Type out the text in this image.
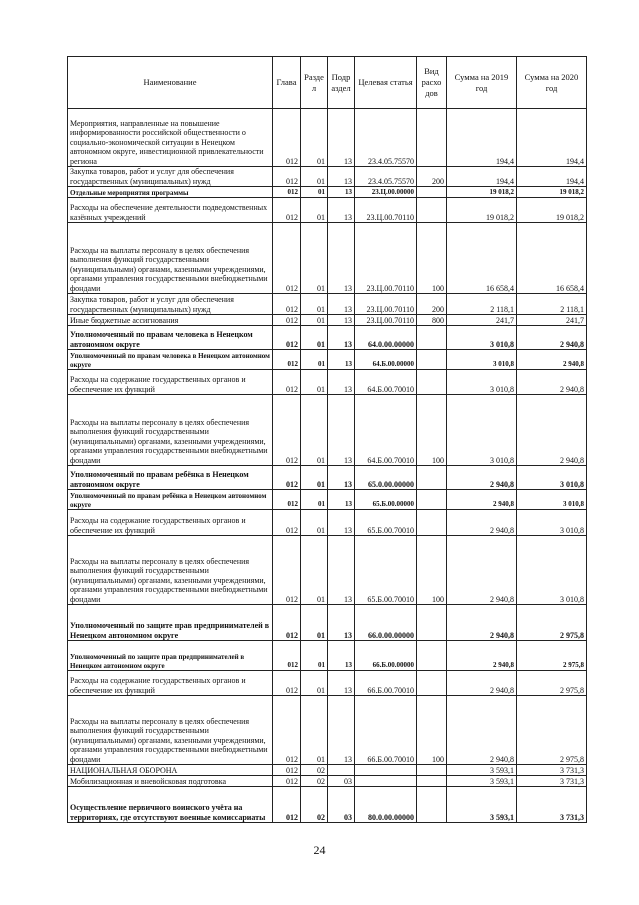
Наименование	Глава	Разде л	Подр аздел	Целевая статья	Вид расхо дов	Сумма на 2019 год	Сумма на 2020 год
Мероприятия, направленные на повышение информированности российской общественности о социально-экономической ситуации в Ненецком автономном округе, инвестиционной привлекательности региона	012	01	13	23.4.05.75570		194,4	194,4
Закупка товаров, работ и услуг для обеспечения государственных (муниципальных) нужд	012	01	13	23.4.05.75570	200	194,4	194,4
Отдельные мероприятия программы	012	01	13	23.Ц.00.00000		19 018,2	19 018,2
Расходы на обеспечение деятельности подведомственных казённых учреждений	012	01	13	23.Ц.00.70110		19 018,2	19 018,2
Расходы на выплаты персоналу в целях обеспечения выполнения функций государственными (муниципальными) органами, казенными учреждениями, органами управления государственными внебюджетными фондами	012	01	13	23.Ц.00.70110	100	16 658,4	16 658,4
Закупка товаров, работ и услуг для обеспечения государственных (муниципальных) нужд	012	01	13	23.Ц.00.70110	200	2 118,1	2 118,1
Иные бюджетные ассигнования	012	01	13	23.Ц.00.70110	800	241,7	241,7
Уполномоченный по правам человека в Ненецком автономном округе	012	01	13	64.0.00.00000		3 010,8	2 940,8
Уполномоченный по правам человека в Ненецком автономном округе	012	01	13	64.Б.00.00000		3 010,8	2 940,8
Расходы на содержание государственных органов и обеспечение их функций	012	01	13	64.Б.00.70010		3 010,8	2 940,8
Расходы на выплаты персоналу в целях обеспечения выполнения функций государственными (муниципальными) органами, казенными учреждениями, органами управления государственными внебюджетными фондами	012	01	13	64.Б.00.70010	100	3 010,8	2 940,8
Уполномоченный по правам ребёнка в Ненецком автономном округе	012	01	13	65.0.00.00000		2 940,8	3 010,8
Уполномоченный по правам ребёнка в Ненецком автономном округе	012	01	13	65.Б.00.00000		2 940,8	3 010,8
Расходы на содержание государственных органов и обеспечение их функций	012	01	13	65.Б.00.70010		2 940,8	3 010,8
Расходы на выплаты персоналу в целях обеспечения выполнения функций государственными (муниципальными) органами, казенными учреждениями, органами управления государственными внебюджетными фондами	012	01	13	65.Б.00.70010	100	2 940,8	3 010,8
Уполномоченный по защите прав предпринимателей в Ненецком автономном округе	012	01	13	66.0.00.00000		2 940,8	2 975,8
Уполномоченный по защите прав предпринимателей в Ненецком автономном округе	012	01	13	66.Б.00.00000		2 940,8	2 975,8
Расходы на содержание государственных органов и обеспечение их функций	012	01	13	66.Б.00.70010		2 940,8	2 975,8
Расходы на выплаты персоналу в целях обеспечения выполнения функций государственными (муниципальными) органами, казенными учреждениями, органами управления государственными внебюджетными фондами	012	01	13	66.Б.00.70010	100	2 940,8	2 975,8
НАЦИОНАЛЬНАЯ ОБОРОНА	012	02				3 593,1	3 731,3
Мобилизационная и вневойсковая подготовка	012	02	03			3 593,1	3 731,3
Осуществление первичного воинского учёта на территориях, где отсутствуют военные комиссариаты	012	02	03	80.0.00.00000		3 593,1	3 731,3
24
